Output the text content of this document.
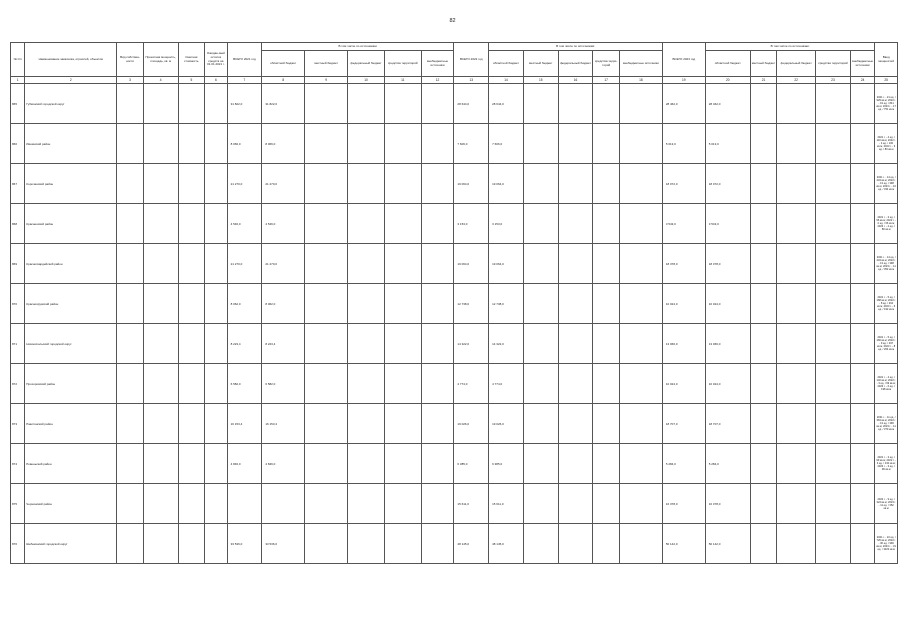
82
№ п/п	Наименование заказчика, отраслей, объектов	Вид собствен-ности	Проектная мощность, площадь, кв. м	Сметная стоимость	Ожидае-мый остаток средств на 01.01.2021 г.	ВСЕГО 2021 год	В том числе по источникам:					ВСЕГО 2022 год	В том числе по источникам:					ВСЕГО 2023 год	В том числе по источникам:					Ввод мощностей
							областной бюджет	местный бюджет	федеральный бюджет	средства территорий	внебюджетные источники		областной бюджет	местный бюджет	федеральный бюджет	средства терри-торий	внебюджетные источники		областной бюджет	местный бюджет	федеральный бюджет	средства территорий	внебюджетные источники	
1	2	3	4	5	6	7	8	9	10	11	12	13	14	15	16	17	18	19	20	21	22	23	24	25
865	Губкинский городской округ					31 822,0	31 822,0					28 644,0	28 644,0					28 462,0	28 462,0					2021 г. - 21 ед. / 929 кв.м; 2022 г. - 19 ед. / 841 кв.м; 2023 г. - 17 ед. / 751 кв.м
866	Ивнянский район					8 066,0	8 066,0					7 606,0	7 606,0					5 013,0	5 013,0					2021 г. - 4 ед. / 110 кв.м; 2022 г. - 4 ед. / 100 кв.м; 2023 г. - 3 ед. / 80 кв.м
867	Корочанский район					21 270,0	21 270,0					19 064,0	19 064,0					18 072,0	18 072,0					2021 г. - 14 ед. / 443 кв.м; 2022 г. - 13 ед. / 398 кв.м; 2023 г. - 10 ед. / 334 кв.м
868	Красненский район					4 546,0	4 546,0					3 153,0	3 153,0					3 543,0	3 543,0					2021 г. - 3 ед. / 96 кв.м; 2022 г. - 2 ед. / 66 кв.м; 2023 г. - 2 ед. / 80 кв.м
869	Красногвардейский район					21 270,0	21 270,0					19 064,0	19 064,0					18 378,0	18 378,0					2021 г. - 14 ед. / 443 кв.м; 2022 г. - 13 ед. / 398 кв.м; 2023 г. - 11 ед. / 352 кв.м
870	Краснояружский район					8 062,0	8 062,0					12 738,0	12 738,0					10 024,0	10 024,0					2021 г. - 5 ед. / 168 кв.м; 2022 г. - 8 ед. / 264 кв.м; 2023 г. - 6 ед. / 192 кв.м
871	Новооскольский городской округ					8 223,4	8 223,4					14 322,0	14 322,0					13 066,0	13 066,0					2021 г. - 5 ед. / 166 кв.м; 2022 г. - 9 ед. / 297 кв.м; 2023 г. - 8 ед. / 264 кв.м
872	Прохоровский район					6 582,0	6 582,0					4 774,0	4 774,0					10 024,0	10 024,0					2021 г. - 4 ед. / 132 кв.м; 2022 г. - 3 ед. / 99 кв.м; 2023 г. - 6 ед. / 198 кв.м
873	Ракитянский район					16 153,4	16 153,4					19 026,0	19 026,0					18 707,0	18 707,0					2021 г. - 11 ед. / 363 кв.м; 2022 г. - 13 ед. / 396 кв.м; 2023 г. - 11 ед. / 370 кв.м
874	Ровеньский район					4 846,0	4 846,0					6 385,0	6 385,0					5 284,0	5 284,0					2021 г. - 3 ед. / 99 кв.м; 2022 г. - 4 ед. / 132 кв.м; 2023 г. - 3 ед. / 99 кв.м
875	Чернянский район											15 611,0	15 611,0					16 378,0	16 378,0					2022 г. - 9 ед. / 324 кв.м; 2023 г. - 11 ед. / 352 кв.м
876	Шебекинский городской округ					33 536,0	33 536,0					48 145,0	48 145,0					50 142,0	50 142,0					2021 г. - 22 ед. / 726 кв.м; 2022 г. - 30 ед. / 990 кв.м; 2023 г. - 31 ед. / 1023 кв.м
